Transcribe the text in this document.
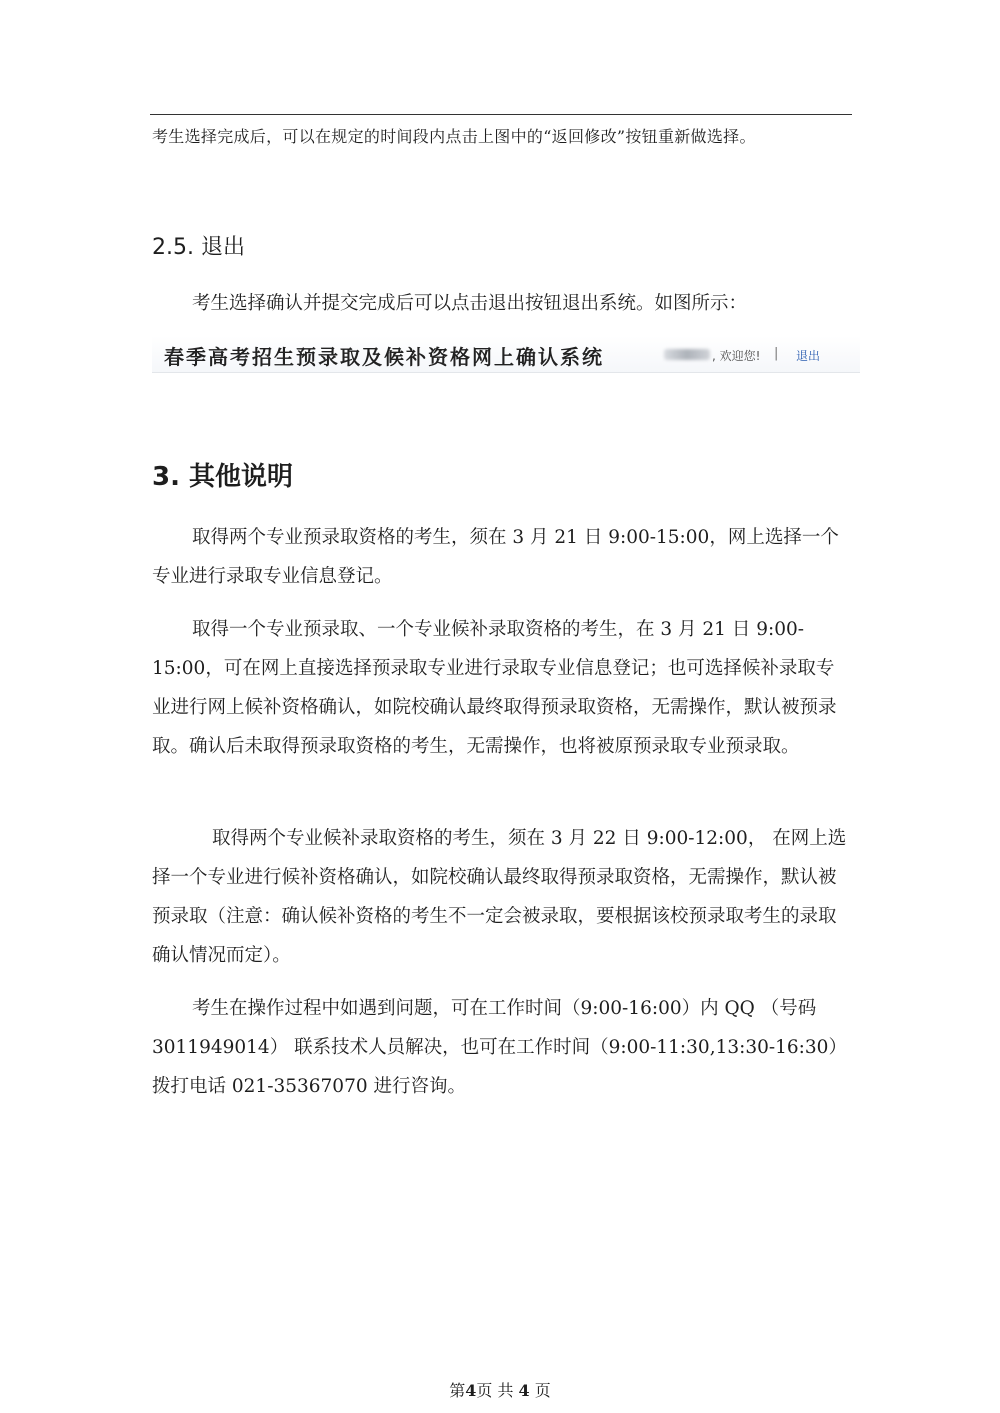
考生选择完成后，可以在规定的时间段内点击上图中的“返回修改”按钮重新做选择。
2.5. 退出

考生选择确认并提交完成后可以点击退出按钮退出系统。如图所示：

春季高考招生预录取及候补资格网上确认系统	, 欢迎您! | 退出
3. 其他说明

取得两个专业预录取资格的考生，须在 3 月 21 日 9:00-15:00，网上选择一个专业进行录取专业信息登记。

取得一个专业预录取、一个专业候补录取资格的考生，在 3 月 21 日 9:00-15:00，可在网上直接选择预录取专业进行录取专业信息登记；也可选择候补录取专业进行网上候补资格确认，如院校确认最终取得预录取资格，无需操作，默认被预录取。确认后未取得预录取资格的考生，无需操作，也将被原预录取专业预录取。

取得两个专业候补录取资格的考生，须在 3 月 22 日 9:00-12:00， 在网上选择一个专业进行候补资格确认，如院校确认最终取得预录取资格，无需操作，默认被预录取（注意：确认候补资格的考生不一定会被录取，要根据该校预录取考生的录取确认情况而定）。

考生在操作过程中如遇到问题，可在工作时间（9:00-16:00）内 QQ （号码 3011949014） 联系技术人员解决，也可在工作时间（9:00-11:30,13:30-16:30）拨打电话 021-35367070 进行咨询。

第4页 共 4 页
